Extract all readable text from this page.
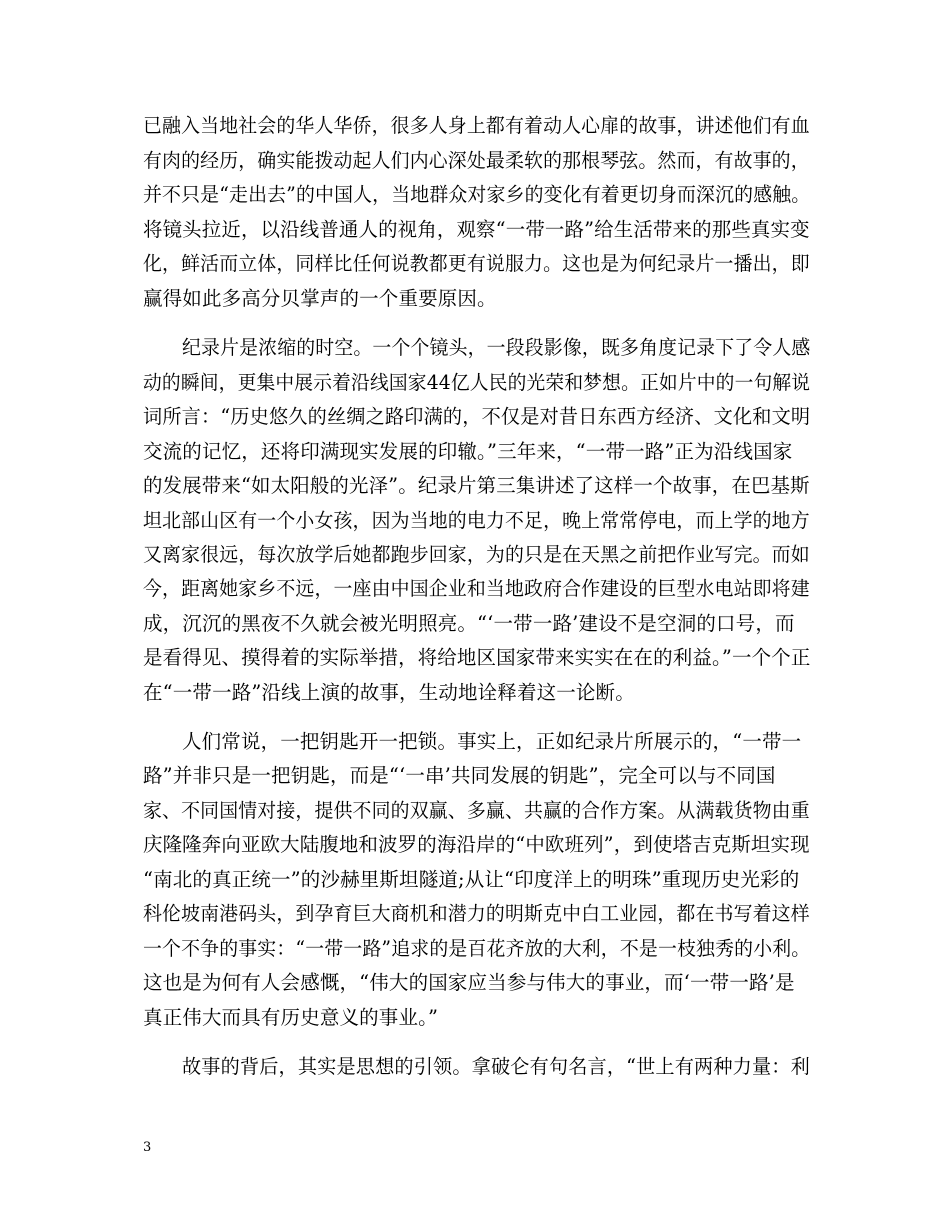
已融入当地社会的华人华侨，很多人身上都有着动人心扉的故事，讲述他们有血
有肉的经历，确实能拨动起人们内心深处最柔软的那根琴弦。然而，有故事的，
并不只是“走出去”的中国人，当地群众对家乡的变化有着更切身而深沉的感触。
将镜头拉近，以沿线普通人的视角，观察“一带一路”给生活带来的那些真实变
化，鲜活而立体，同样比任何说教都更有说服力。这也是为何纪录片一播出，即
赢得如此多高分贝掌声的一个重要原因。
纪录片是浓缩的时空。一个个镜头，一段段影像，既多角度记录下了令人感
动的瞬间，更集中展示着沿线国家44亿人民的光荣和梦想。正如片中的一句解说
词所言：“历史悠久的丝绸之路印满的，不仅是对昔日东西方经济、文化和文明
交流的记忆，还将印满现实发展的印辙。”三年来，“一带一路”正为沿线国家
的发展带来“如太阳般的光泽”。纪录片第三集讲述了这样一个故事，在巴基斯
坦北部山区有一个小女孩，因为当地的电力不足，晚上常常停电，而上学的地方
又离家很远，每次放学后她都跑步回家，为的只是在天黑之前把作业写完。而如
今，距离她家乡不远，一座由中国企业和当地政府合作建设的巨型水电站即将建
成，沉沉的黑夜不久就会被光明照亮。“‘一带一路’建设不是空洞的口号，而
是看得见、摸得着的实际举措，将给地区国家带来实实在在的利益。”一个个正
在“一带一路”沿线上演的故事，生动地诠释着这一论断。
人们常说，一把钥匙开一把锁。事实上，正如纪录片所展示的，“一带一
路”并非只是一把钥匙，而是“‘一串’共同发展的钥匙”，完全可以与不同国
家、不同国情对接，提供不同的双赢、多赢、共赢的合作方案。从满载货物由重
庆隆隆奔向亚欧大陆腹地和波罗的海沿岸的“中欧班列”，到使塔吉克斯坦实现
“南北的真正统一”的沙赫里斯坦隧道;从让“印度洋上的明珠”重现历史光彩的
科伦坡南港码头，到孕育巨大商机和潜力的明斯克中白工业园，都在书写着这样
一个不争的事实：“一带一路”追求的是百花齐放的大利，不是一枝独秀的小利。
这也是为何有人会感慨，“伟大的国家应当参与伟大的事业，而‘一带一路’是
真正伟大而具有历史意义的事业。”
故事的背后，其实是思想的引领。拿破仑有句名言，“世上有两种力量：利
3
